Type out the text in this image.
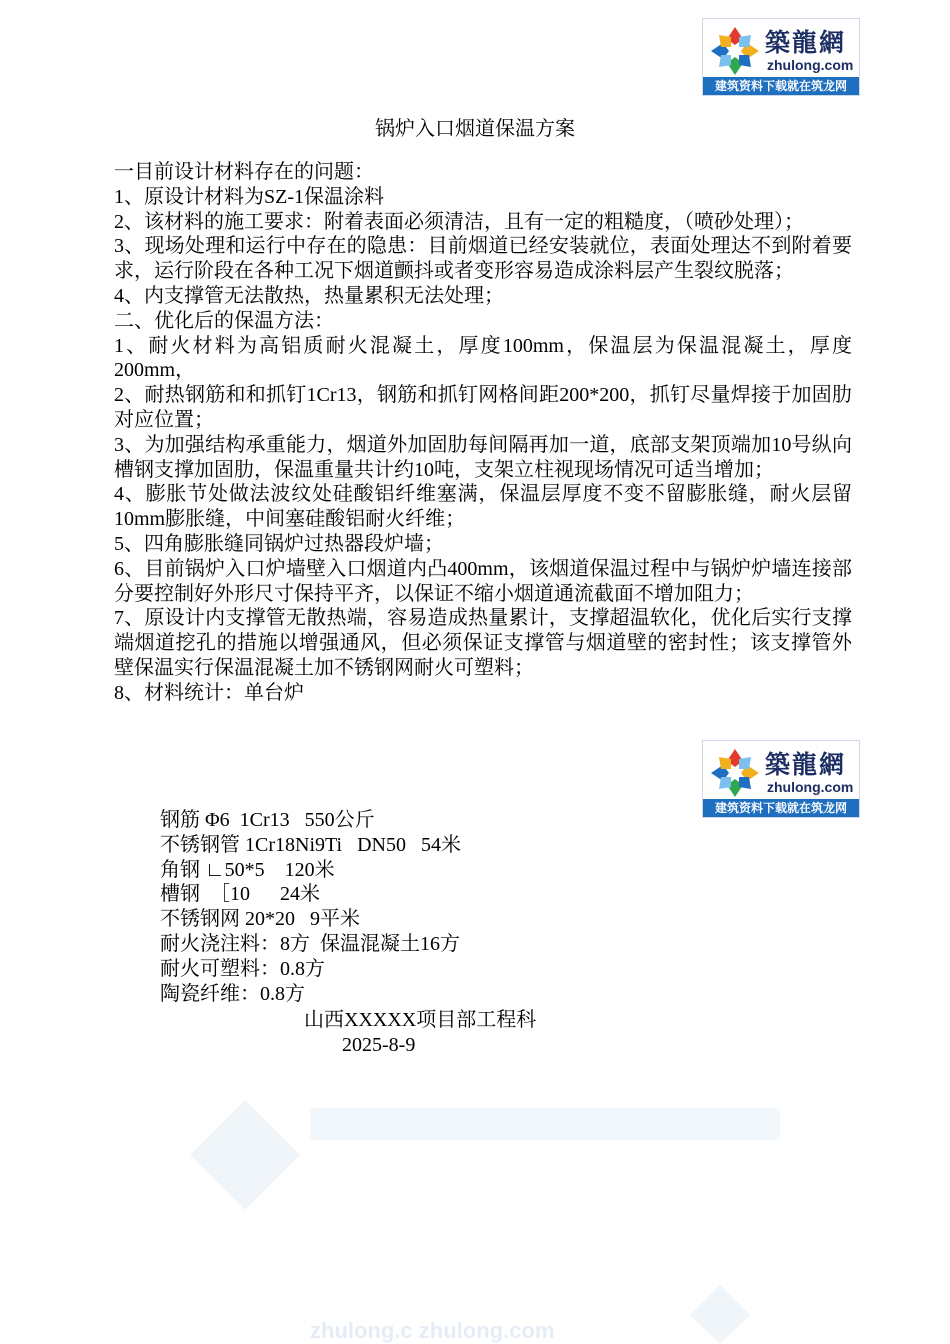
zhulong.c zhulong.com
築龍網
zhulong.com
建筑资料下载就在筑龙网
築龍網
zhulong.com
建筑资料下载就在筑龙网
锅炉入口烟道保温方案

一目前设计材料存在的问题：

1、原设计材料为SZ-1保温涂料

2、该材料的施工要求：附着表面必须清洁，且有一定的粗糙度，（喷砂处理）；

3、现场处理和运行中存在的隐患：目前烟道已经安装就位，表面处理达不到附着要求，运行阶段在各种工况下烟道颤抖或者变形容易造成涂料层产生裂纹脱落；

4、内支撑管无法散热，热量累积无法处理；

二、优化后的保温方法：

1、耐火材料为高铝质耐火混凝土，厚度100mm，保温层为保温混凝土，厚度200mm，

2、耐热钢筋和和抓钉1Cr13，钢筋和抓钉网格间距200*200，抓钉尽量焊接于加固肋对应位置；

3、为加强结构承重能力，烟道外加固肋每间隔再加一道，底部支架顶端加10号纵向槽钢支撑加固肋，保温重量共计约10吨，支架立柱视现场情况可适当增加；

4、膨胀节处做法波纹处硅酸铝纤维塞满，保温层厚度不变不留膨胀缝，耐火层留10mm膨胀缝，中间塞硅酸铝耐火纤维；

5、四角膨胀缝同锅炉过热器段炉墙；

6、目前锅炉入口炉墙壁入口烟道内凸400mm，该烟道保温过程中与锅炉炉墙连接部分要控制好外形尺寸保持平齐，以保证不缩小烟道通流截面不增加阻力；

7、原设计内支撑管无散热端，容易造成热量累计，支撑超温软化，优化后实行支撑端烟道挖孔的措施以增强通风，但必须保证支撑管与烟道壁的密封性；该支撑管外壁保温实行保温混凝土加不锈钢网耐火可塑料；

8、材料统计：单台炉

钢筋 Φ6  1Cr13   550公斤
不锈钢管 1Cr18Ni9Ti   DN50   54米
角钢 ∟50*5    120米
槽钢  ［10      24米
不锈钢网 20*20   9平米
耐火浇注料：8方  保温混凝土16方
耐火可塑料：0.8方
陶瓷纤维：0.8方
山西XXXXX项目部工程科
2025-8-9
